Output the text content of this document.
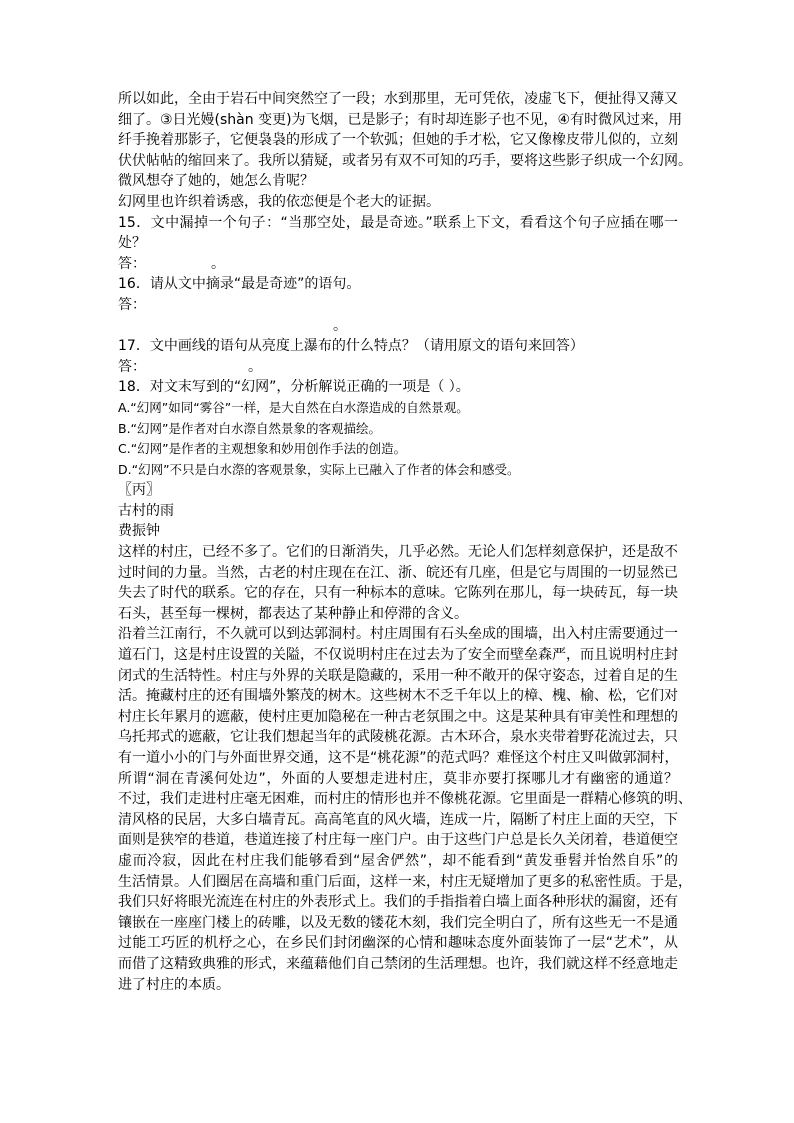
所以如此，全由于岩石中间突然空了一段；水到那里，无可凭依，凌虚飞下，便扯得又薄又
细了。③日光嫚(shàn 变更)为飞烟，已是影子；有时却连影子也不见，④有时微风过来，用
纤手挽着那影子，它便袅袅的形成了一个软弧；但她的手才松，它又像橡皮带儿似的，立刻
伏伏帖帖的缩回来了。我所以猜疑，或者另有双不可知的巧手，要将这些影子织成一个幻网。
微风想夺了她的，她怎么肯呢？
幻网里也许织着诱惑，我的依恋便是个老大的证据。
15．文中漏掉一个句子：“当那空处，最是奇迹。”联系上下文，看看这个句子应插在哪一
处？
答：	。
16．请从文中摘录“最是奇迹”的语句。
答：
。
17．文中画线的语句从亮度上瀑布的什么特点？（请用原文的语句来回答）
答：	。
18．对文末写到的“幻网”，分析解说正确的一项是（ ）。
A.“幻网”如同“雾谷”一样，是大自然在白水漈造成的自然景观。
B.“幻网”是作者对白水漈自然景象的客观描绘。
C.“幻网”是作者的主观想象和妙用创作手法的创造。
D.“幻网”不只是白水漈的客观景象，实际上已融入了作者的体会和感受。
〖丙〗
古村的雨
费振钟
这样的村庄，已经不多了。它们的日渐消失，几乎必然。无论人们怎样刻意保护，还是敌不
过时间的力量。当然，古老的村庄现在在江、浙、皖还有几座，但是它与周围的一切显然已
失去了时代的联系。它的存在，只有一种标本的意味。它陈列在那儿，每一块砖瓦，每一块
石头，甚至每一棵树，都表达了某种静止和停滞的含义。
沿着兰江南行，不久就可以到达郭洞村。村庄周围有石头垒成的围墙，出入村庄需要通过一
道石门，这是村庄设置的关隘，不仅说明村庄在过去为了安全而壁垒森严，而且说明村庄封
闭式的生活特性。村庄与外界的关联是隐藏的，采用一种不敞开的保守姿态，过着自足的生
活。掩藏村庄的还有围墙外繁茂的树木。这些树木不乏千年以上的樟、槐、榆、松，它们对
村庄长年累月的遮蔽，使村庄更加隐秘在一种古老氛围之中。这是某种具有审美性和理想的
乌托邦式的遮蔽，它让我们想起当年的武陵桃花源。古木环合，泉水夹带着野花流过去，只
有一道小小的门与外面世界交通，这不是“桃花源”的范式吗？难怪这个村庄又叫做郭洞村，
所谓“洞在青溪何处边”，外面的人要想走进村庄，莫非亦要打探哪儿才有幽密的通道？
不过，我们走进村庄毫无困难，而村庄的情形也并不像桃花源。它里面是一群精心修筑的明、
清风格的民居，大多白墙青瓦。高高笔直的风火墙，连成一片，隔断了村庄上面的天空，下
面则是狭窄的巷道，巷道连接了村庄每一座门户。由于这些门户总是长久关闭着，巷道便空
虚而冷寂，因此在村庄我们能够看到“屋舍俨然”，却不能看到“黄发垂髫并怡然自乐”的
生活情景。人们圈居在高墙和重门后面，这样一来，村庄无疑增加了更多的私密性质。于是，
我们只好将眼光流连在村庄的外表形式上。我们的手指指着白墙上面各种形状的漏窗，还有
镶嵌在一座座门楼上的砖雕，以及无数的镂花木刻，我们完全明白了，所有这些无一不是通
过能工巧匠的机杼之心，在乡民们封闭幽深的心情和趣味态度外面装饰了一层“艺术”，从
而借了这精致典雅的形式，来蕴藉他们自己禁闭的生活理想。也许，我们就这样不经意地走
进了村庄的本质。
